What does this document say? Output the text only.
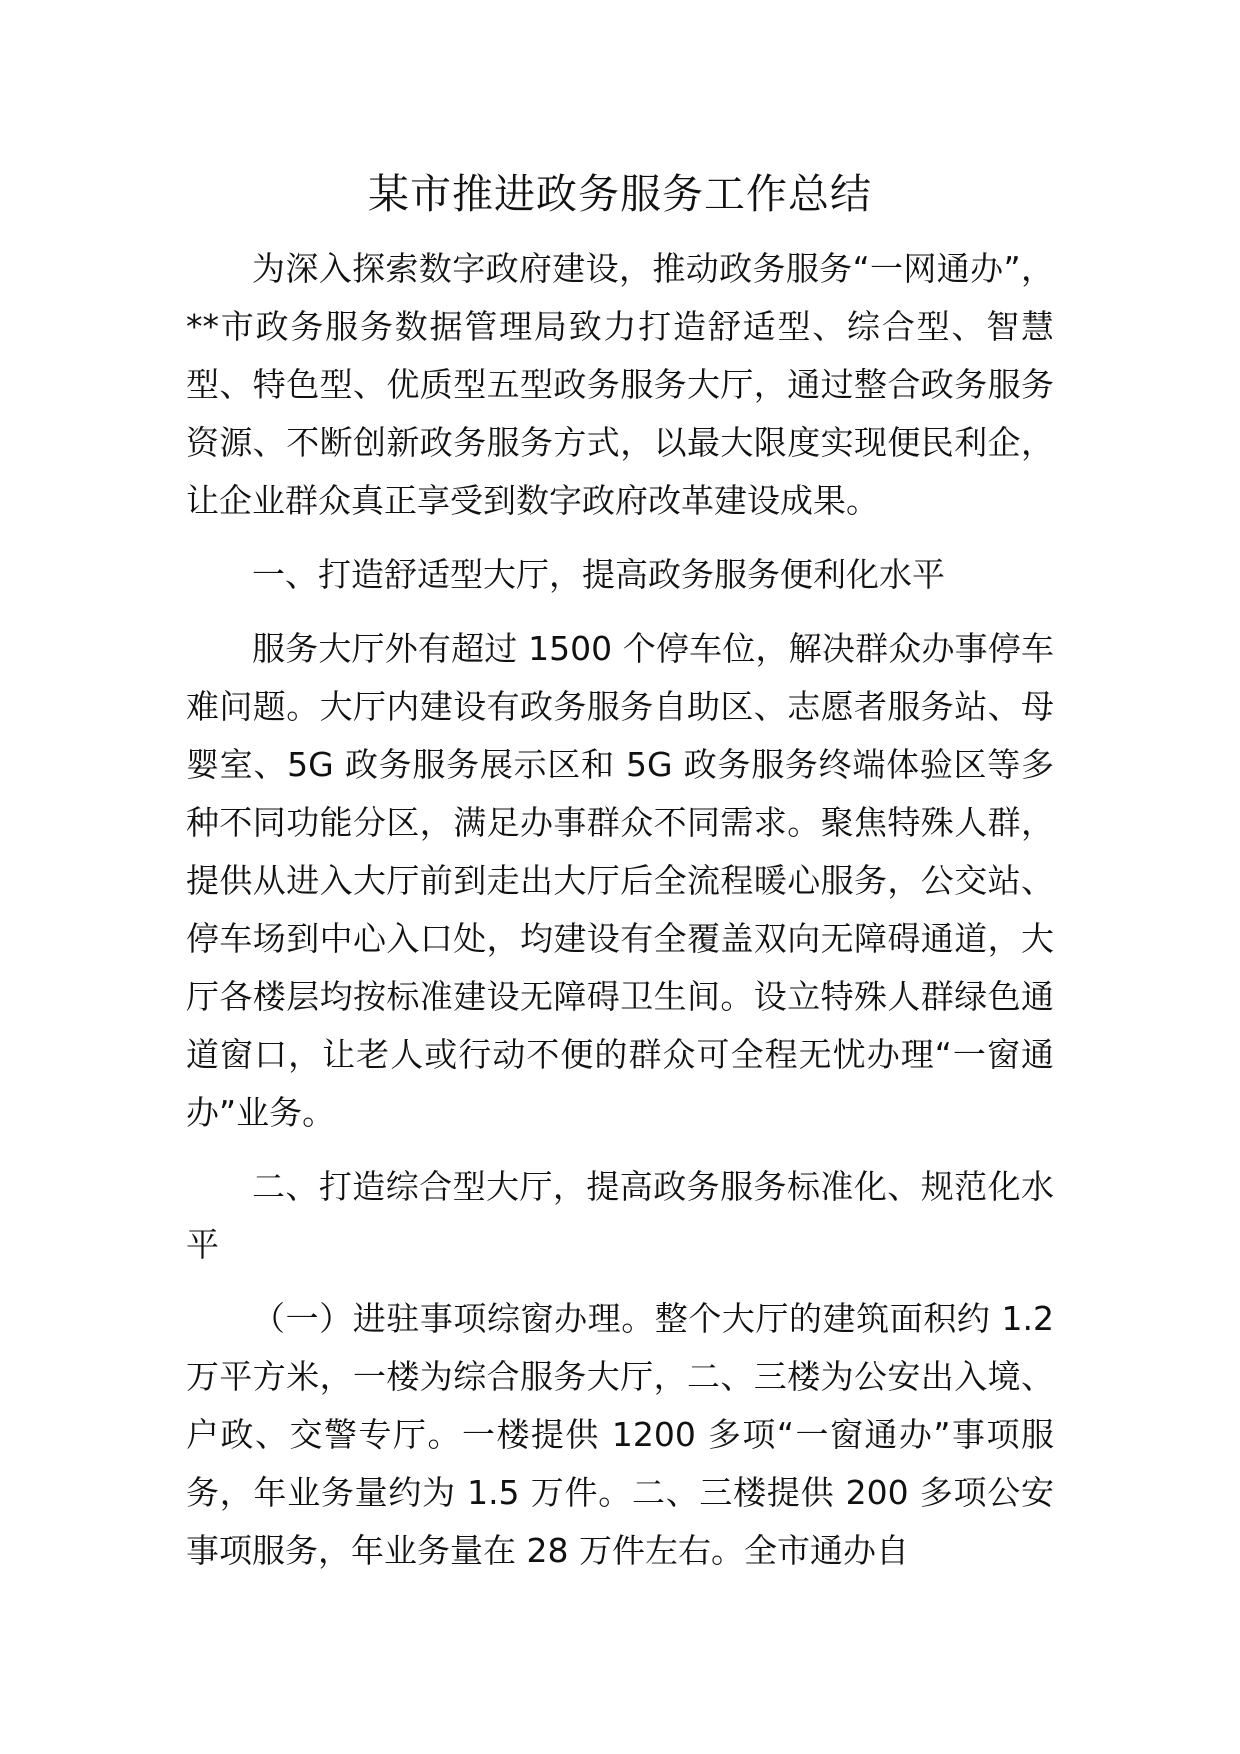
某市推进政务服务工作总结

为深入探索数字政府建设，推动政务服务“一网通办”，**市政务服务数据管理局致力打造舒适型、综合型、智慧型、特色型、优质型五型政务服务大厅，通过整合政务服务资源、不断创新政务服务方式，以最大限度实现便民利企，让企业群众真正享受到数字政府改革建设成果。

一、打造舒适型大厅，提高政务服务便利化水平

服务大厅外有超过 1500 个停车位，解决群众办事停车难问题。大厅内建设有政务服务自助区、志愿者服务站、母婴室、5G 政务服务展示区和 5G 政务服务终端体验区等多种不同功能分区，满足办事群众不同需求。聚焦特殊人群，提供从进入大厅前到走出大厅后全流程暖心服务，公交站、停车场到中心入口处，均建设有全覆盖双向无障碍通道，大厅各楼层均按标准建设无障碍卫生间。设立特殊人群绿色通道窗口，让老人或行动不便的群众可全程无忧办理“一窗通办”业务。

二、打造综合型大厅，提高政务服务标准化、规范化水平

（一）进驻事项综窗办理。整个大厅的建筑面积约 1.2 万平方米，一楼为综合服务大厅，二、三楼为公安出入境、户政、交警专厅。一楼提供 1200 多项“一窗通办”事项服务，年业务量约为 1.5 万件。二、三楼提供 200 多项公安事项服务，年业务量在 28 万件左右。全市通办自
